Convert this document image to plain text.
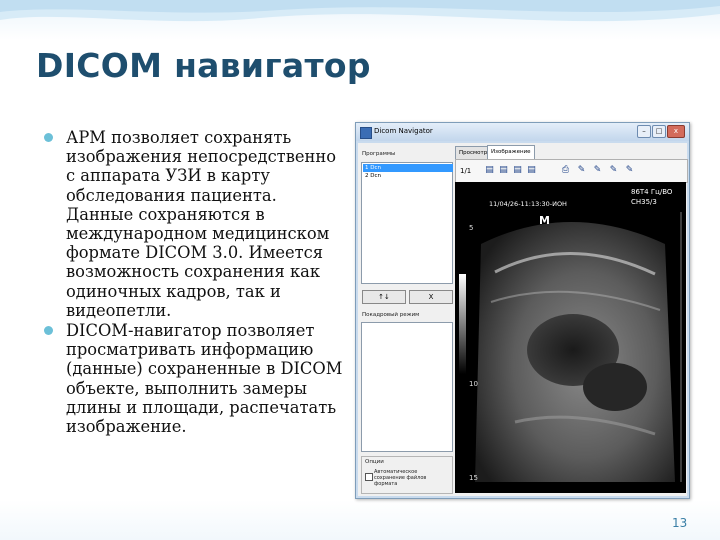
DICOM навигатор
АРМ позволяет сохранять изображения непосредственно с аппарата УЗИ в карту обследования пациента. Данные сохраняются в международном медицинском формате DICOM 3.0. Имеется возможность сохранения как одиночных кадров, так и видеопетли.
DICOM-навигатор позволяет просматривать информацию (данные) сохраненные в DICOM объекте, выполнить замеры длины и площади, распечатать изображение.
Dicom Navigator	–	□	x
Программы
1 Dcn
2 Dcn
↑↓	X
Покадровый режим
Опции
Автоматическое сохранение файлов формата
Просмотр Изображение
1/1 ▤ ▤ ▤ ▤	⎙ ✎ ✎ ✎ ✎
86Т4 Гц/BO
CH35/3
11/04/26-11:13:30-ИОН
M
5
10
15
13
